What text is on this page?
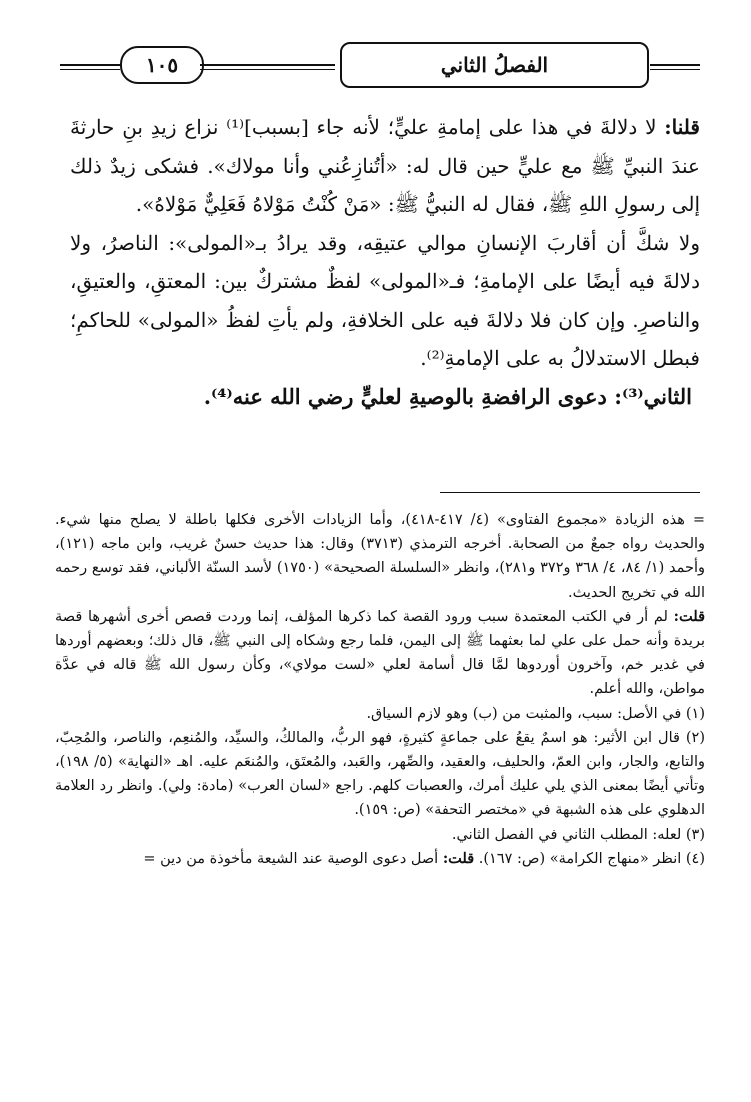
١٠٥	الفصلُ الثاني

قلنا: لا دلالةَ في هذا على إمامةِ عليٍّ؛ لأنه جاء [بسبب]⁽¹⁾ نزاع زيدِ بنِ حارثةَ عندَ النبيِّ ﷺ مع عليٍّ حين قال له: «أتُنازِعُني وأنا مولاك». فشكى زيدٌ ذلك إلى رسولِ اللهِ ﷺ، فقال له النبيُّ ﷺ: «مَنْ كُنْتُ مَوْلاهُ فَعَلِيٌّ مَوْلاهُ».

ولا شكَّ أن أقاربَ الإنسانِ موالي عتيقِه، وقد يرادُ بـ«المولى»: الناصرُ، ولا دلالةَ فيه أيضًا على الإمامةِ؛ فـ«المولى» لفظٌ مشتركٌ بين: المعتقِ، والعتيقِ، والناصرِ. وإن كان فلا دلالةَ فيه على الخلافةِ، ولم يأتِ لفظُ «المولى» للحاكمِ؛ فبطل الاستدلالُ به على الإمامةِ⁽²⁾.

الثاني⁽³⁾: دعوى الرافضةِ بالوصيةِ لعليٍّ رضي الله عنه⁽⁴⁾.

= هذه الزيادة «مجموع الفتاوى» (٤/ ٤١٧-٤١٨)، وأما الزيادات الأخرى فكلها باطلة لا يصلح منها شيء. والحديث رواه جمعٌ من الصحابة. أخرجه الترمذي (٣٧١٣) وقال: هذا حديث حسنٌ غريب، وابن ماجه (١٢١)، وأحمد (١/ ٨٤، ٤/ ٣٦٨ و٣٧٢ و٢٨١)، وانظر «السلسلة الصحيحة» (١٧٥٠) لأسد السنّة الألباني، فقد توسع رحمه الله في تخريج الحديث.

قلت: لم أر في الكتب المعتمدة سبب ورود القصة كما ذكرها المؤلف، إنما وردت قصص أخرى أشهرها قصة بريدة وأنه حمل على علي لما بعثهما ﷺ إلى اليمن، فلما رجع وشكاه إلى النبي ﷺ، قال ذلك؛ وبعضهم أوردها في غدير خم، وآخرون أوردوها لمَّا قال أسامة لعلي «لست مولاي»، وكأن رسول الله ﷺ قاله في عدَّة مواطن، والله أعلم.

(١) في الأصل: سبب، والمثبت من (ب) وهو لازم السياق.

(٢) قال ابن الأثير: هو اسمٌ يقعُ على جماعةٍ كثيرةٍ، فهو الربُّ، والمالكُ، والسيِّد، والمُنعِم، والناصر، والمُحِبّ، والتابع، والجار، وابن العمّ، والحليف، والعقيد، والصِّهر، والعَبد، والمُعتَق، والمُنعَم عليه. اهـ «النهاية» (٥/ ١٩٨)، وتأتي أيضًا بمعنى الذي يلي عليك أمرك، والعصبات كلهم. راجع «لسان العرب» (مادة: ولي). وانظر رد العلامة الدهلوي على هذه الشبهة في «مختصر التحفة» (ص: ١٥٩).

(٣) لعله: المطلب الثاني في الفصل الثاني.

(٤) انظر «منهاج الكرامة» (ص: ١٦٧). قلت: أصل دعوى الوصية عند الشيعة مأخوذة من دين =
